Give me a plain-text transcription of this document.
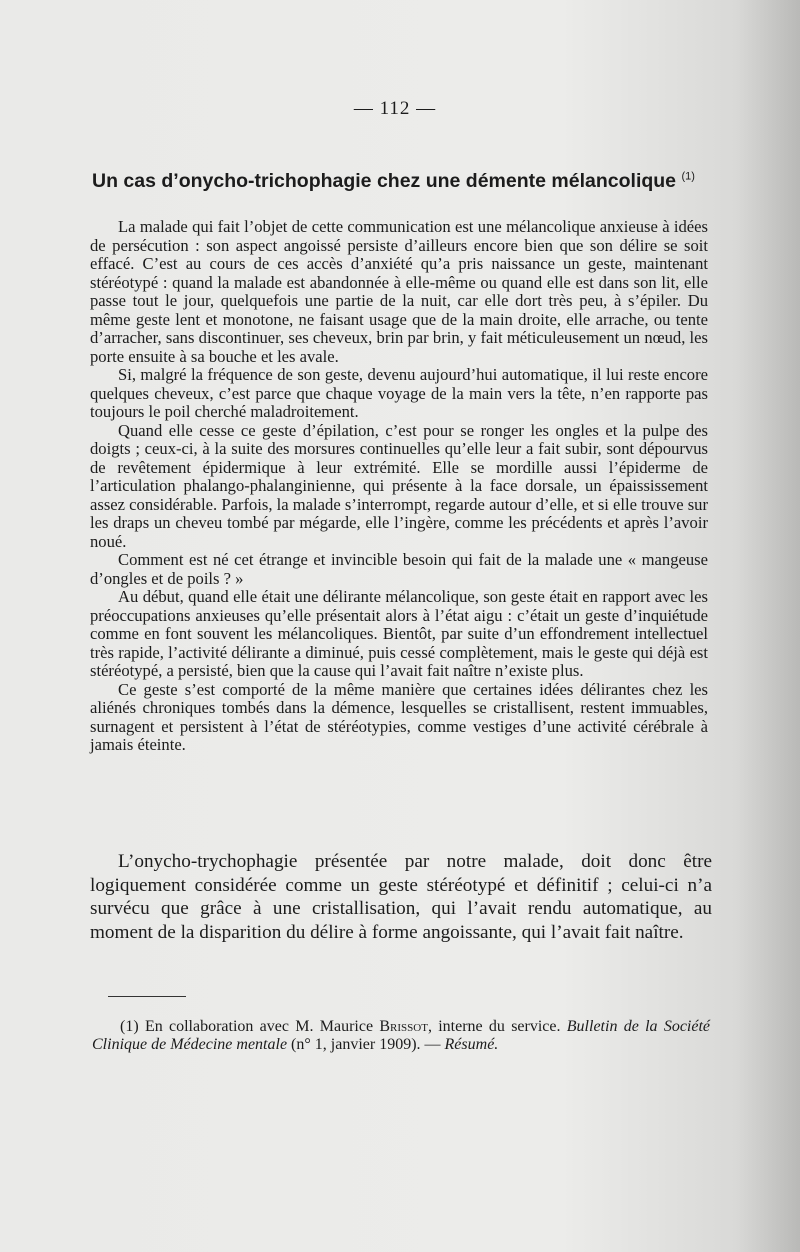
— 112 —
Un cas d’onycho-trichophagie chez une démente mélancolique $^{(1)}$

La malade qui fait l’objet de cette communication est une mélancolique anxieuse à idées de persécution : son aspect angoissé persiste d’ailleurs encore bien que son délire se soit effacé. C’est au cours de ces accès d’anxiété qu’a pris naissance un geste, maintenant stéréotypé : quand la malade est abandonnée à elle-même ou quand elle est dans son lit, elle passe tout le jour, quelquefois une partie de la nuit, car elle dort très peu, à s’épiler. Du même geste lent et monotone, ne faisant usage que de la main droite, elle arrache, ou tente d’arracher, sans discontinuer, ses cheveux, brin par brin, y fait méticuleusement un nœud, les porte ensuite à sa bouche et les avale.

Si, malgré la fréquence de son geste, devenu aujourd’hui automatique, il lui reste encore quelques cheveux, c’est parce que chaque voyage de la main vers la tête, n’en rapporte pas toujours le poil cherché maladroitement.

Quand elle cesse ce geste d’épilation, c’est pour se ronger les ongles et la pulpe des doigts ; ceux-ci, à la suite des morsures continuelles qu’elle leur a fait subir, sont dépourvus de revêtement épidermique à leur extrémité. Elle se mordille aussi l’épiderme de l’articulation phalango-phalanginienne, qui présente à la face dorsale, un épaississement assez considérable. Parfois, la malade s’interrompt, regarde autour d’elle, et si elle trouve sur les draps un cheveu tombé par mégarde, elle l’ingère, comme les précédents et après l’avoir noué.

Comment est né cet étrange et invincible besoin qui fait de la malade une « mangeuse d’ongles et de poils ? »

Au début, quand elle était une délirante mélancolique, son geste était en rapport avec les préoccupations anxieuses qu’elle présentait alors à l’état aigu : c’était un geste d’inquiétude comme en font souvent les mélancoliques. Bientôt, par suite d’un effondrement intellectuel très rapide, l’activité délirante a diminué, puis cessé complètement, mais le geste qui déjà est stéréotypé, a persisté, bien que la cause qui l’avait fait naître n’existe plus.

Ce geste s’est comporté de la même manière que certaines idées délirantes chez les aliénés chroniques tombés dans la démence, lesquelles se cristallisent, restent immuables, surnagent et persistent à l’état de stéréotypies, comme vestiges d’une activité cérébrale à jamais éteinte.

L’onycho-trychophagie présentée par notre malade, doit donc être logiquement considérée comme un geste stéréotypé et définitif ; celui-ci n’a survécu que grâce à une cristallisation, qui l’avait rendu automatique, au moment de la disparition du délire à forme angoissante, qui l’avait fait naître.

(1) En collaboration avec M. Maurice Brissot, interne du service. Bulletin de la Société Clinique de Médecine mentale (n° 1, janvier 1909). — Résumé.
